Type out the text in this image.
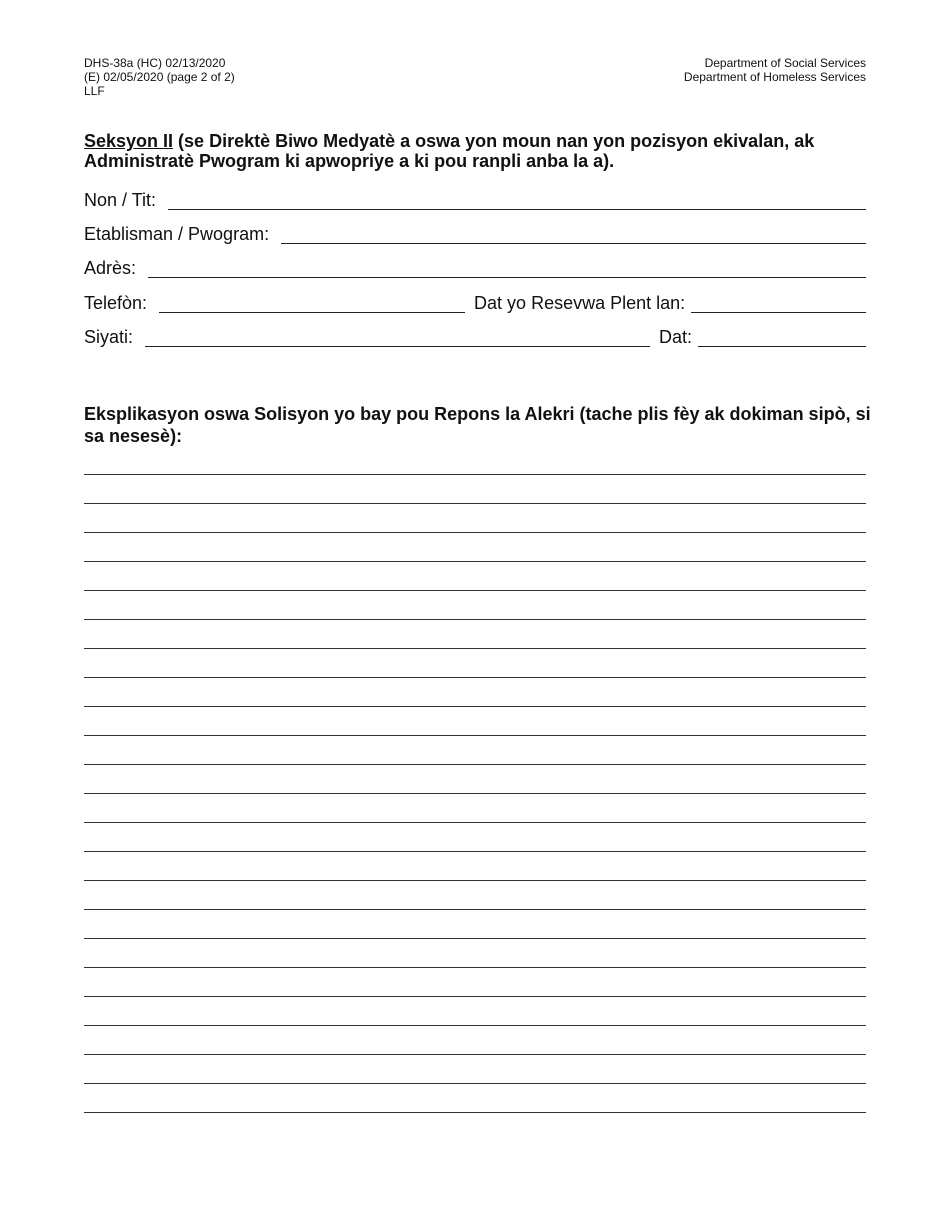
DHS-38a (HC) 02/13/2020
(E) 02/05/2020 (page 2 of 2)
LLF
Department of Social Services
Department of Homeless Services
Seksyon II (se Direktè Biwo Medyatè a oswa yon moun nan yon pozisyon ekivalan, ak Administratè Pwogram ki apwopriye a ki pou ranpli anba la a).
Non / Tit:
Etablisman / Pwogram:
Adrès:
Telefòn:	Dat yo Resevwa Plent lan:
Siyati:	Dat:
Eksplikasyon oswa Solisyon yo bay pou Repons la Alekri (tache plis fèy ak dokiman sipò, si sa nesesè):
